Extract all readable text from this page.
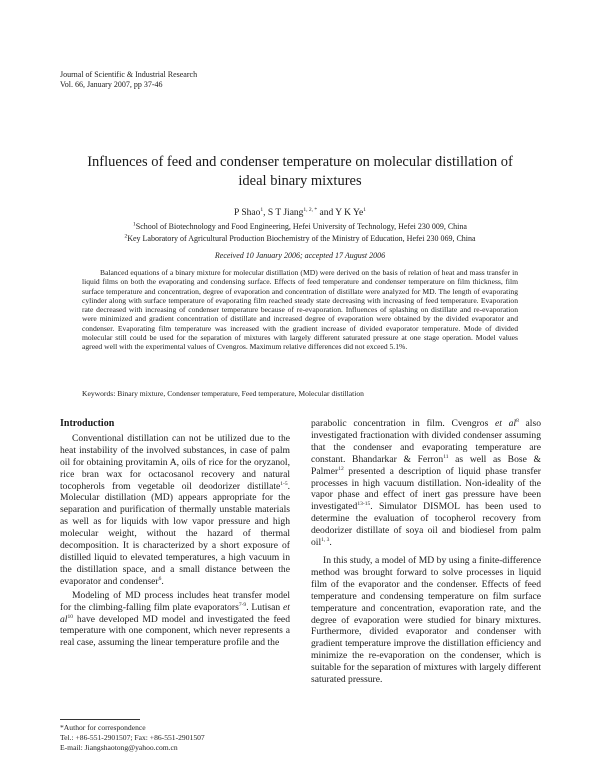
Journal of Scientific & Industrial Research
Vol. 66, January 2007, pp 37-46
Influences of feed and condenser temperature on molecular distillation of
ideal binary mixtures
P Shao$^1$, S T Jiang$^{1, 2, *}$ and Y K Ye$^1$
$^1$School of Biotechnology and Food Engineering, Hefei University of Technology, Hefei 230 009, China
$^2$Key Laboratory of Agricultural Production Biochemistry of the Ministry of Education, Hefei 230 069, China
Received 10 January 2006; accepted 17 August 2006
Balanced equations of a binary mixture for molecular distillation (MD) were derived on the basis of relation of heat and mass transfer in liquid films on both the evaporating and condensing surface. Effects of feed temperature and condenser temperature on film thickness, film surface temperature and concentration, degree of evaporation and concentration of distillate were analyzed for MD. The length of evaporating cylinder along with surface temperature of evaporating film reached steady state decreasing with increasing of feed temperature. Evaporation rate decreased with increasing of condenser temperature because of re-evaporation. Influences of splashing on distillate and re-evaporation were minimized and gradient concentration of distillate and increased degree of evaporation were obtained by the divided evaporator and condenser. Evaporating film temperature was increased with the gradient increase of divided evaporator temperature. Mode of divided molecular still could be used for the separation of mixtures with largely different saturated pressure at one stage operation. Model values agreed well with the experimental values of Cvengros. Maximum relative differences did not exceed 5.1%.
Keywords: Binary mixture, Condenser temperature, Feed temperature, Molecular distillation
Introduction

Conventional distillation can not be utilized due to the heat instability of the involved substances, in case of palm oil for obtaining provitamin A, oils of rice for the oryzanol, rice bran wax for octacosanol recovery and natural tocopherols from vegetable oil deodorizer distillate$^{1-5}$. Molecular distillation (MD) appears appropriate for the separation and purification of thermally unstable materials as well as for liquids with low vapor pressure and high molecular weight, without the hazard of thermal decomposition. It is characterized by a short exposure of distilled liquid to elevated temperatures, a high vacuum in the distillation space, and a small distance between the evaporator and condenser$^6$.

Modeling of MD process includes heat transfer model for the climbing-falling film plate evaporators$^{7-9}$. Lutisan et $al^{10}$ have developed MD model and investigated the feed temperature with one component, which never represents a real case, assuming the linear temperature profile and the

parabolic concentration in film. Cvengros et $al^8$ also investigated fractionation with divided condenser assuming that the condenser and evaporating temperature are constant. Bhandarkar & Ferron$^{11}$ as well as Bose & Palmer$^{12}$ presented a description of liquid phase transfer processes in high vacuum distillation. Non-ideality of the vapor phase and effect of inert gas pressure have been investigated$^{13-15}$. Simulator DISMOL has been used to determine the evaluation of tocopherol recovery from deodorizer distillate of soya oil and biodiesel from palm oil$^{1, 3}$.

In this study, a model of MD by using a finite-difference method was brought forward to solve processes in liquid film of the evaporator and the condenser. Effects of feed temperature and condensing temperature on film surface temperature and concentration, evaporation rate, and the degree of evaporation were studied for binary mixtures. Furthermore, divided evaporator and condenser with gradient temperature improve the distillation efficiency and minimize the re-evaporation on the condenser, which is suitable for the separation of mixtures with largely different saturated pressure.

*Author for correspondence
Tel.: +86-551-2901507; Fax: +86-551-2901507
E-mail: Jiangshaotong@yahoo.com.cn
